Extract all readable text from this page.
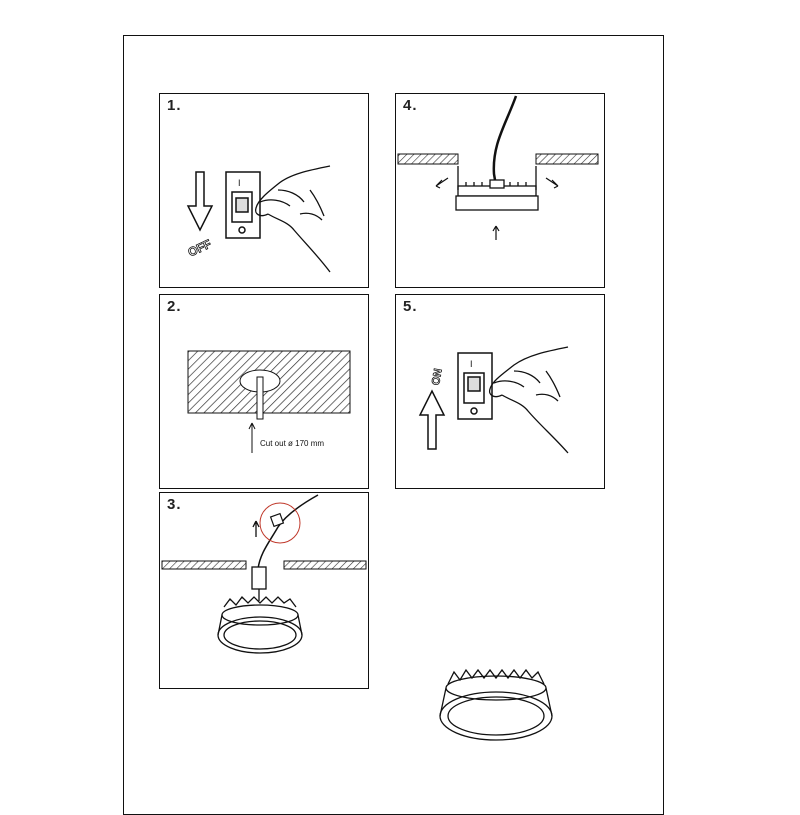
1.
I
OFF
4.
2.
Cut out ø 170 mm
5.
ON
I
3.
